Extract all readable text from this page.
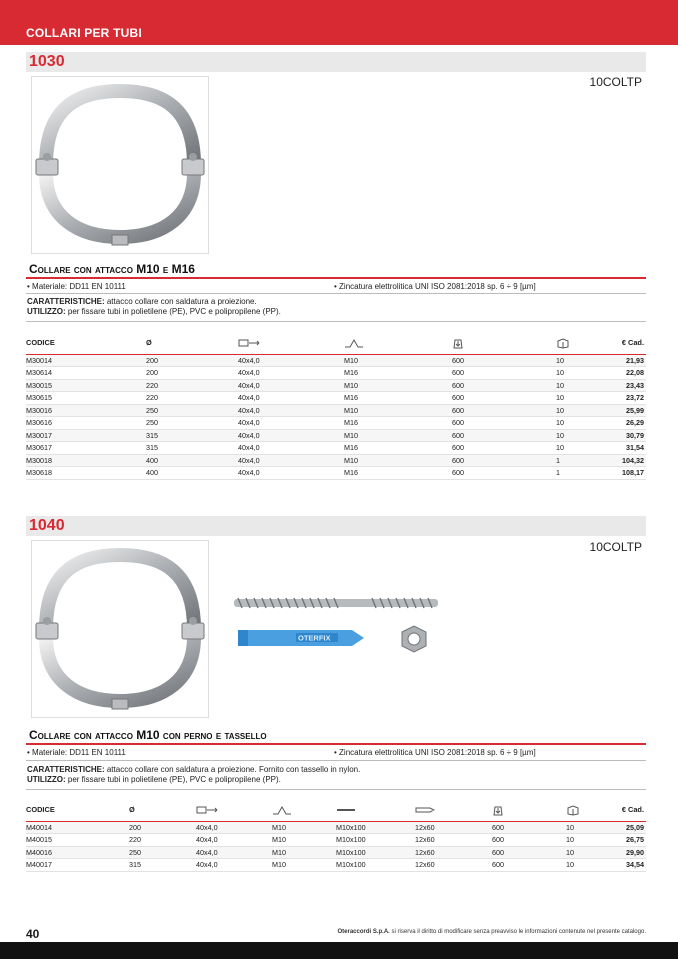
COLLARI PER TUBI
1030
10COLTP
Collare con attacco M10 e M16
• Materiale: DD11 EN 10111	• Zincatura elettrolitica UNI ISO 2081:2018 sp. 6 ÷ 9 [µm]
CARATTERISTICHE: attacco collare con saldatura a proiezione.
UTILIZZO: per fissare tubi in polietilene (PE), PVC e polipropilene (PP).
CODICE	Ø					€ Cad.
M30014	200	40x4,0	M10	600	10	21,93
M30614	200	40x4,0	M16	600	10	22,08
M30015	220	40x4,0	M10	600	10	23,43
M30615	220	40x4,0	M16	600	10	23,72
M30016	250	40x4,0	M10	600	10	25,99
M30616	250	40x4,0	M16	600	10	26,29
M30017	315	40x4,0	M10	600	10	30,79
M30617	315	40x4,0	M16	600	10	31,54
M30018	400	40x4,0	M10	600	1	104,32
M30618	400	40x4,0	M16	600	1	108,17
1040
10COLTP
OTERFIX
Collare con attacco M10 con perno e tassello
• Materiale: DD11 EN 10111	• Zincatura elettrolitica UNI ISO 2081:2018 sp. 6 ÷ 9 [µm]
CARATTERISTICHE: attacco collare con saldatura a proiezione. Fornito con tassello in nylon.
UTILIZZO: per fissare tubi in polietilene (PE), PVC e polipropilene (PP).
CODICE	Ø							€ Cad.
M40014	200	40x4,0	M10	M10x100	12x60	600	10	25,09
M40015	220	40x4,0	M10	M10x100	12x60	600	10	26,75
M40016	250	40x4,0	M10	M10x100	12x60	600	10	29,90
M40017	315	40x4,0	M10	M10x100	12x60	600	10	34,54
40	Oteraccordi S.p.A. si riserva il diritto di modificare senza preavviso le informazioni contenute nel presente catalogo.
